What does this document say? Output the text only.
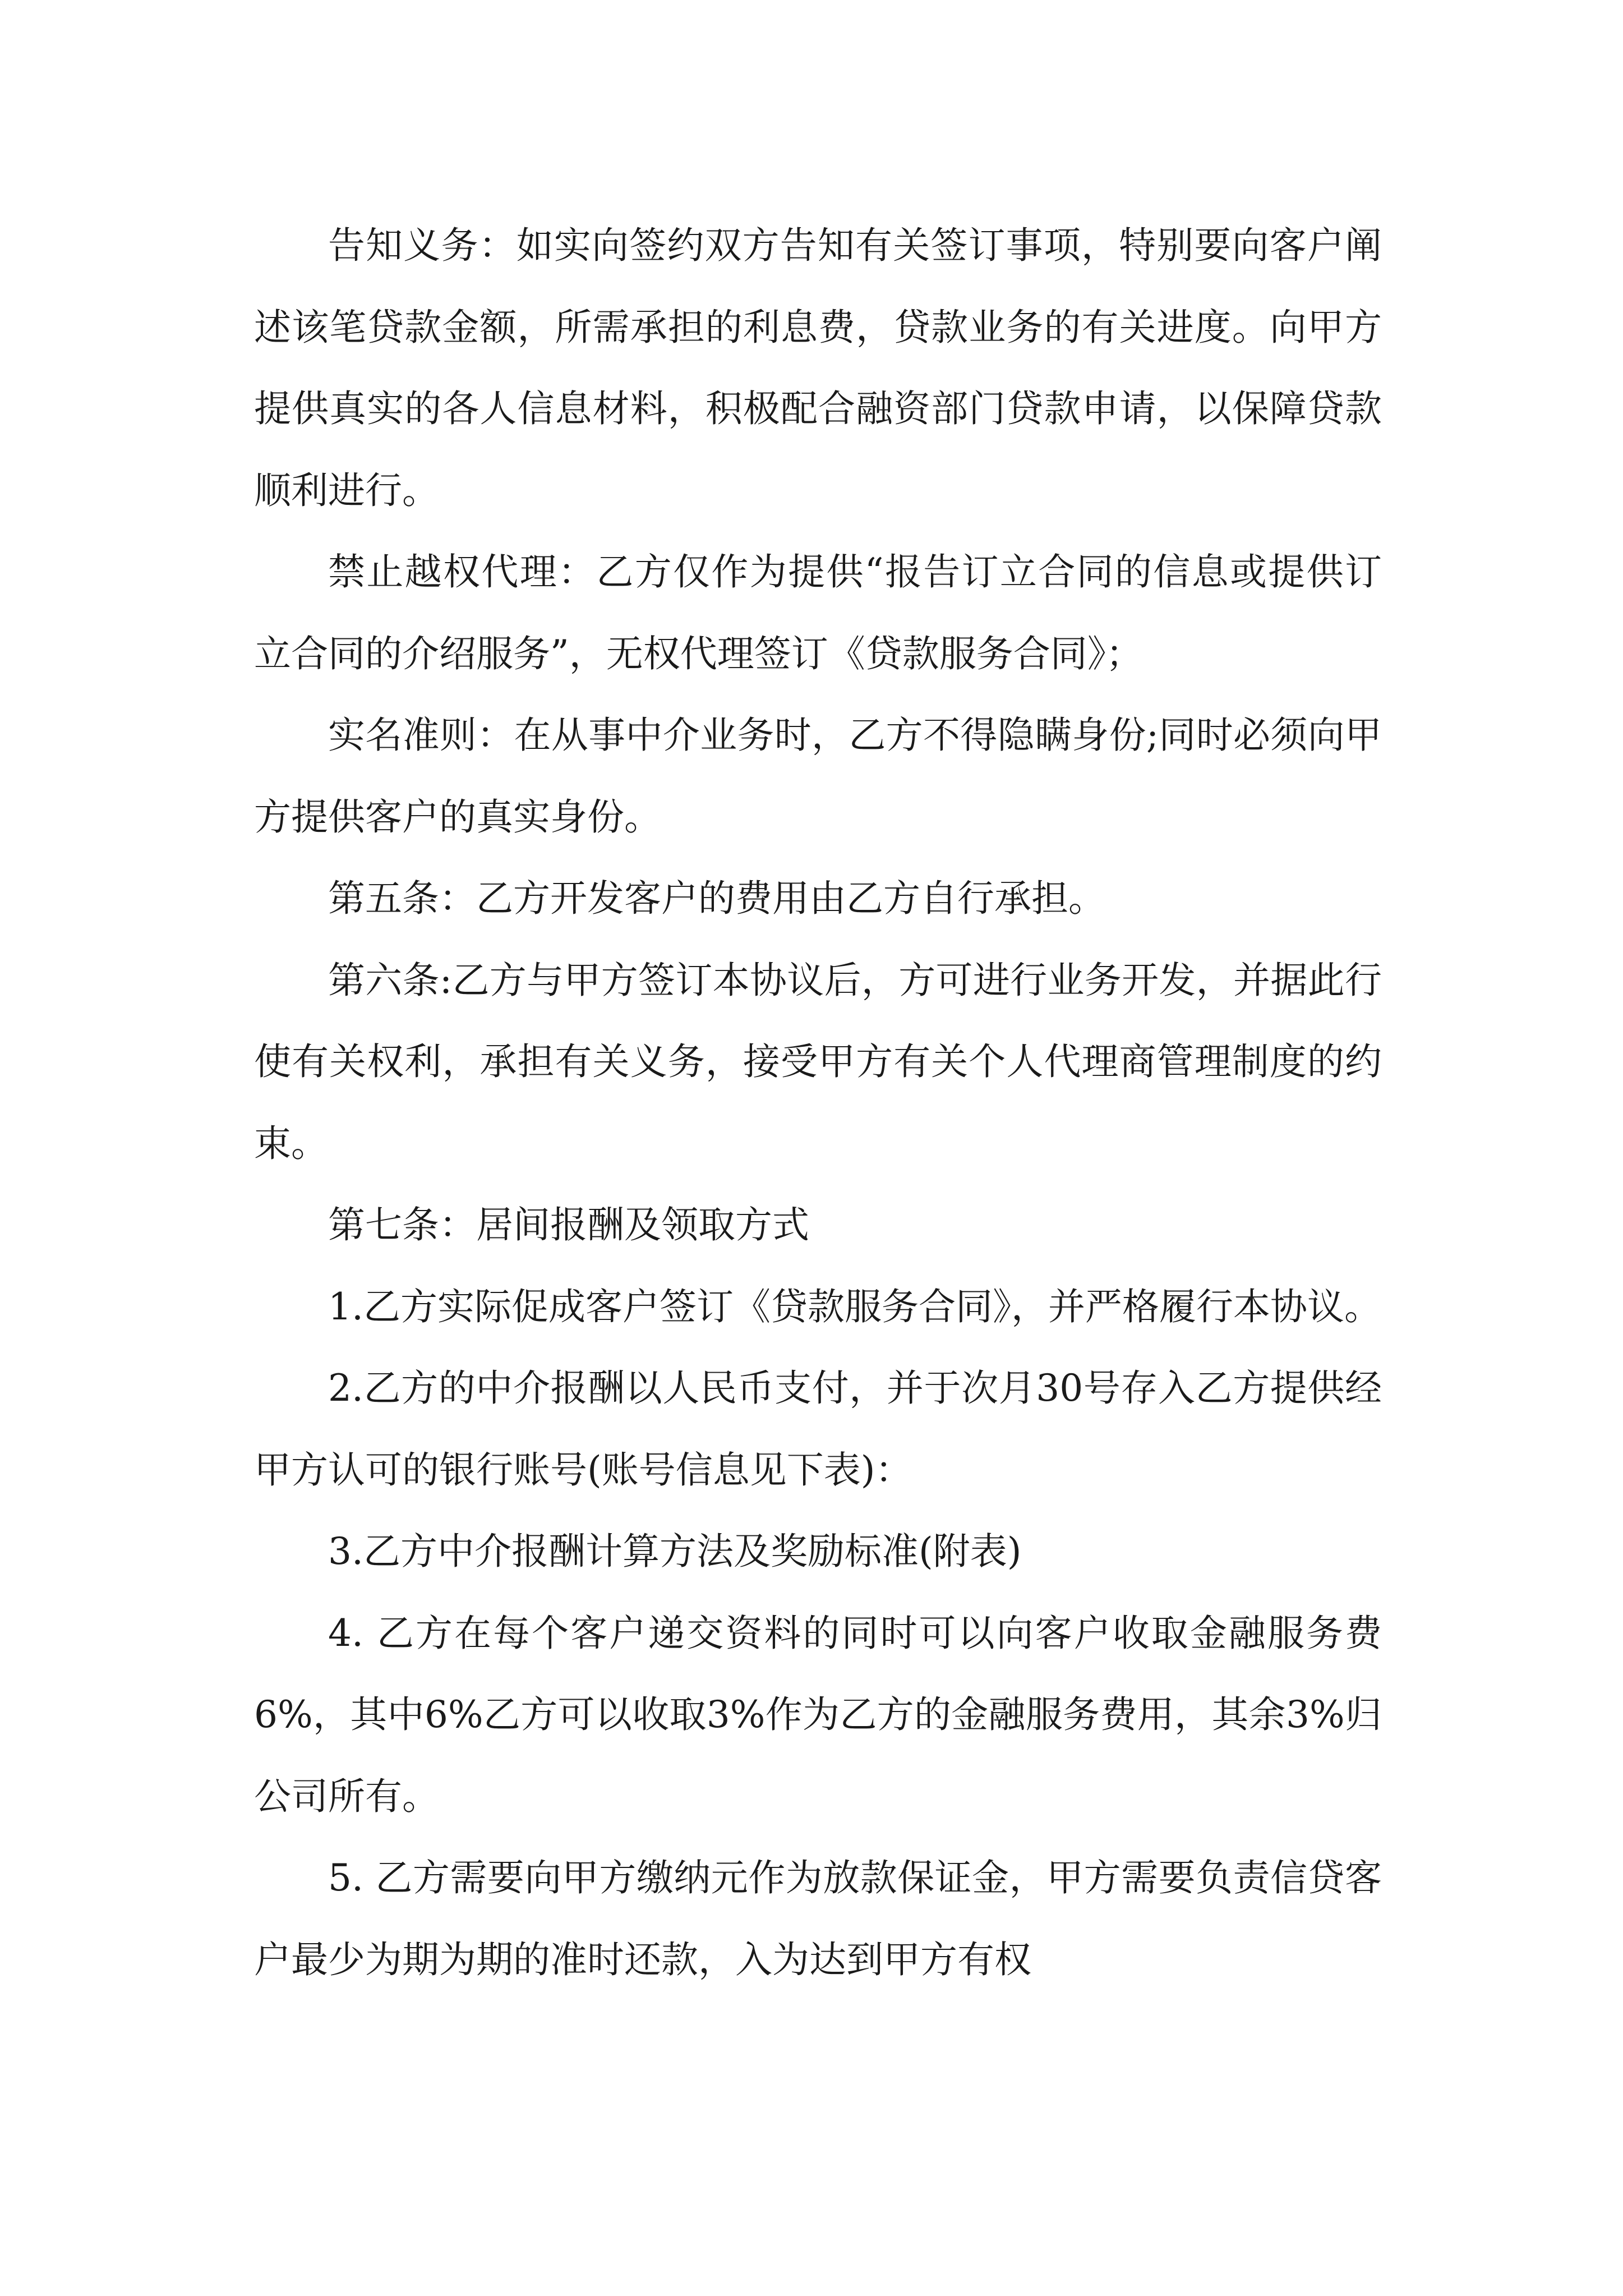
告知义务：如实向签约双方告知有关签订事项，特别要向客户阐述该笔贷款金额，所需承担的利息费，贷款业务的有关进度。向甲方提供真实的各人信息材料，积极配合融资部门贷款申请，以保障贷款顺利进行。

禁止越权代理：乙方仅作为提供“报告订立合同的信息或提供订立合同的介绍服务”，无权代理签订《贷款服务合同》；

实名准则：在从事中介业务时，乙方不得隐瞒身份;同时必须向甲方提供客户的真实身份。

第五条：乙方开发客户的费用由乙方自行承担。

第六条:乙方与甲方签订本协议后，方可进行业务开发，并据此行使有关权利，承担有关义务，接受甲方有关个人代理商管理制度的约束。

第七条：居间报酬及领取方式

1.乙方实际促成客户签订《贷款服务合同》，并严格履行本协议。

2.乙方的中介报酬以人民币支付，并于次月30号存入乙方提供经甲方认可的银行账号(账号信息见下表)：

3.乙方中介报酬计算方法及奖励标准(附表)

4. 乙方在每个客户递交资料的同时可以向客户收取金融服务费6%，其中6%乙方可以收取3%作为乙方的金融服务费用，其余3%归公司所有。

5. 乙方需要向甲方缴纳元作为放款保证金，甲方需要负责信贷客户最少为期为期的准时还款，入为达到甲方有权
